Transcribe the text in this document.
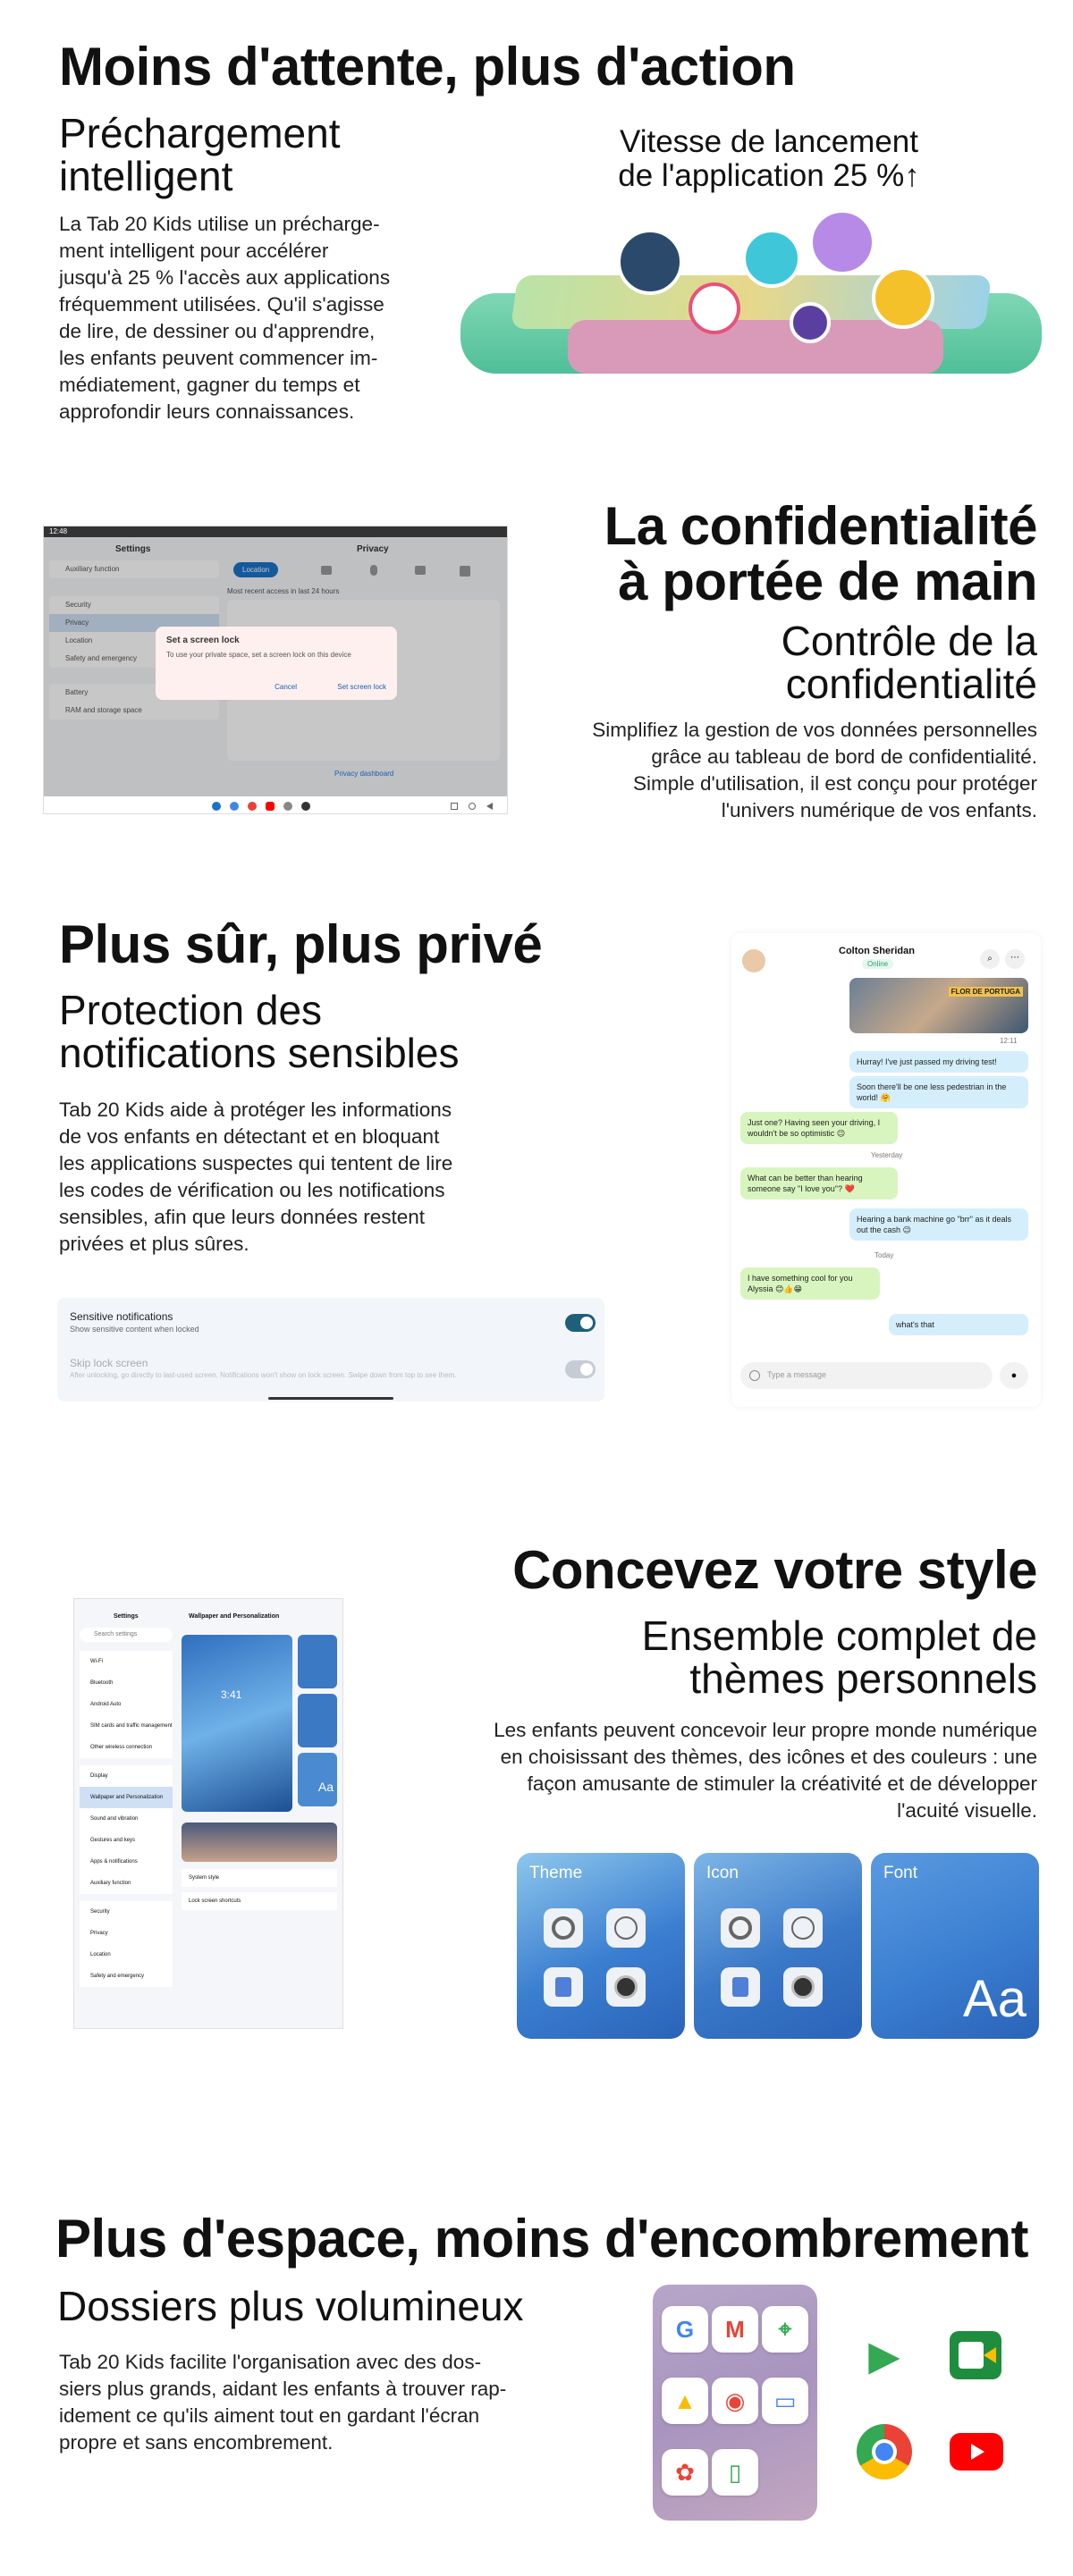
Moins d'attente, plus d'action
Préchargement
intelligent
La Tab 20 Kids utilise un précharge-
ment intelligent pour accélérer
jusqu'à 25 % l'accès aux applications
fréquemment utilisées. Qu'il s'agisse
de lire, de dessiner ou d'apprendre,
les enfants peuvent commencer im-
médiatement, gagner du temps et
approfondir leurs connaissances.
Vitesse de lancement
de l'application 25 %↑
12:48
Settings	Privacy
Auxiliary function
Security
Privacy
Location
Safety and emergency
Battery
RAM and storage space
Location
Most recent access in last 24 hours
Set a screen lock
To use your private space, set a screen lock on this device
Cancel	Set screen lock
Privacy dashboard
La confidentialité
à portée de main
Contrôle de la
confidentialité
Simplifiez la gestion de vos données personnelles
grâce au tableau de bord de confidentialité.
Simple d'utilisation, il est conçu pour protéger
l'univers numérique de vos enfants.
Plus sûr, plus privé
Protection des
notifications sensibles
Tab 20 Kids aide à protéger les informations
de vos enfants en détectant et en bloquant
les applications suspectes qui tentent de lire
les codes de vérification ou les notifications
sensibles, afin que leurs données restent
privées et plus sûres.
Sensitive notifications
Show sensitive content when locked
Skip lock screen
After unlocking, go directly to last-used screen. Notifications won't show on lock screen. Swipe down from top to see them.
Colton Sheridan
Online
⌕	⋯
FLOR DE PORTUGA
12:11
Hurray! I've just passed my driving test!
Soon there'll be one less pedestrian in the world! 🤗
Just one? Having seen your driving, I wouldn't be so optimistic 😉
Yesterday
What can be better than hearing someone say "I love you"? ❤️
Hearing a bank machine go "brr" as it deals out the cash 😉
Today
I have something cool for you Alyssia 😊👍😁
what's that
Type a message	●
Settings
Search settings
Wallpaper and Personalization
Wi-Fi
Bluetooth
Android Auto
SIM cards and traffic management
Other wireless connection
Display
Wallpaper and Personalization
Sound and vibration
Gestures and keys
Apps & notifications
Auxiliary function
Security
Privacy
Location
Safety and emergency
3:41
Aa
System style
Lock screen shortcuts
Concevez votre style
Ensemble complet de
thèmes personnels
Les enfants peuvent concevoir leur propre monde numérique
en choisissant des thèmes, des icônes et des couleurs : une
façon amusante de stimuler la créativité et de développer
l'acuité visuelle.
Theme	Icon	Font
Aa
Plus d'espace, moins d'encombrement
Dossiers plus volumineux
Tab 20 Kids facilite l'organisation avec des dos-
siers plus grands, aidant les enfants à trouver rap-
idement ce qu'ils aiment tout en gardant l'écran
propre et sans encombrement.
G	M	⌖
▲	◉	▭
✿	▯
▶
